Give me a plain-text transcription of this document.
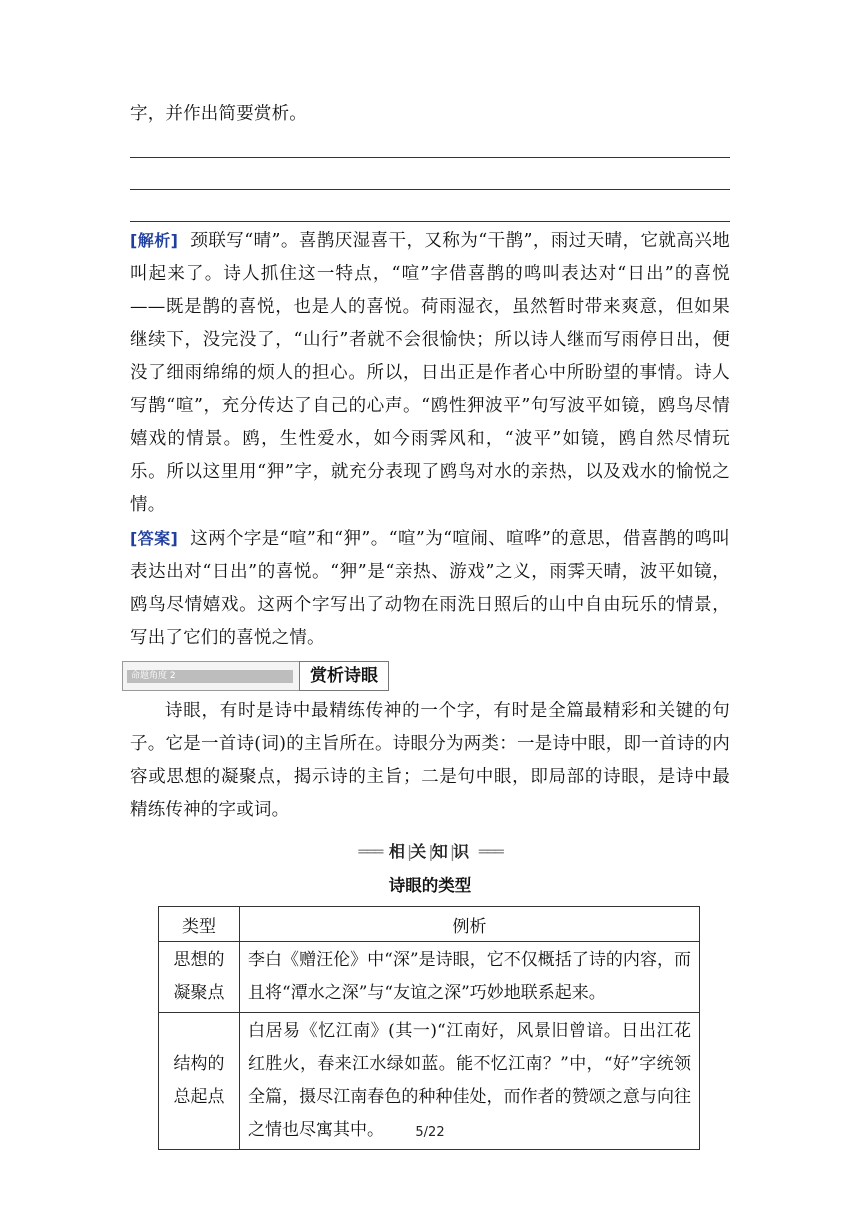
字，并作出简要赏析。

[解析] 颈联写“晴”。喜鹊厌湿喜干，又称为“干鹊”，雨过天晴，它就高兴地叫起来了。诗人抓住这一特点，“喧”字借喜鹊的鸣叫表达对“日出”的喜悦——既是鹊的喜悦，也是人的喜悦。荷雨湿衣，虽然暂时带来爽意，但如果继续下，没完没了，“山行”者就不会很愉快；所以诗人继而写雨停日出，便没了细雨绵绵的烦人的担心。所以，日出正是作者心中所盼望的事情。诗人写鹊“喧”，充分传达了自己的心声。“鸥性狎波平”句写波平如镜，鸥鸟尽情嬉戏的情景。鸥，生性爱水，如今雨霁风和，“波平”如镜，鸥自然尽情玩乐。所以这里用“狎”字，就充分表现了鸥鸟对水的亲热，以及戏水的愉悦之情。

[答案] 这两个字是“喧”和“狎”。“喧”为“喧闹、喧哗”的意思，借喜鹊的鸣叫表达出对“日出”的喜悦。“狎”是“亲热、游戏”之义，雨霁天晴，波平如镜，鸥鸟尽情嬉戏。这两个字写出了动物在雨洗日照后的山中自由玩乐的情景，写出了它们的喜悦之情。

命题角度 2	赏析诗眼

诗眼，有时是诗中最精练传神的一个字，有时是全篇最精彩和关键的句子。它是一首诗(词)的主旨所在。诗眼分为两类：一是诗中眼，即一首诗的内容或思想的凝聚点，揭示诗的主旨；二是句中眼，即局部的诗眼，是诗中最精练传神的字或词。

═══ 相|关|知|识 ═══
诗眼的类型
类型	例析

思想的
凝聚点	李白《赠汪伦》中“深”是诗眼，它不仅概括了诗的内容，而且将“潭水之深”与“友谊之深”巧妙地联系起来。

结构的
总起点	白居易《忆江南》(其一)“江南好，风景旧曾谙。日出江花红胜火，春来江水绿如蓝。能不忆江南？”中，“好”字统领全篇，摄尽江南春色的种种佳处，而作者的赞颂之意与向往之情也尽寓其中。	5/22
